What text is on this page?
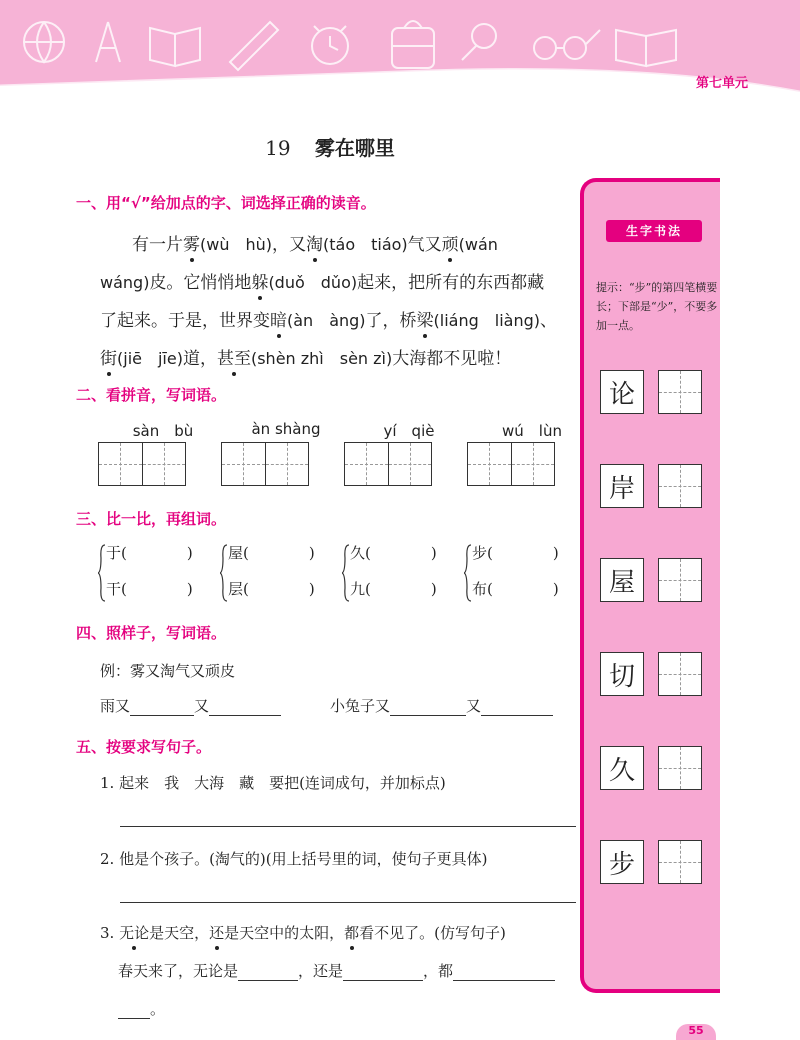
第七单元
19 雾在哪里
一、用“√”给加点的字、词选择正确的读音。
有一片雾(wù　hù)，又淘(táo　tiáo)气又顽(wán
wáng)皮。它悄悄地躲(duǒ　dǔo)起来，把所有的东西都藏
了起来。于是，世界变暗(àn　àng)了，桥梁(liáng　liàng)、
街(jiē　jīe)道，甚至(shèn zhì　sèn zì)大海都不见啦！
二、看拼音，写词语。
sàn　bù	àn shàng	yí　qiè	wú　lùn
三、比一比，再组词。
于(	)
干(	)
屋(	)
层(	)
久(	)
九(	)
步(	)
布(	)
四、照样子，写词语。
例：雾又淘气又顽皮
雨又	又	小兔子又	又
五、按要求写句子。
1. 起来　我　大海　藏　要把(连词成句，并加标点)
2. 他是个孩子。(淘气的)(用上括号里的词，使句子更具体)
3. 无论是天空，还是天空中的太阳，都看不见了。(仿写句子)
春天来了，无论是	，还是	，都
。
生字书法
提示：“步”的第四笔横要长；下部是“少”，不要多加一点。
论
岸
屋
切
久
步
55
